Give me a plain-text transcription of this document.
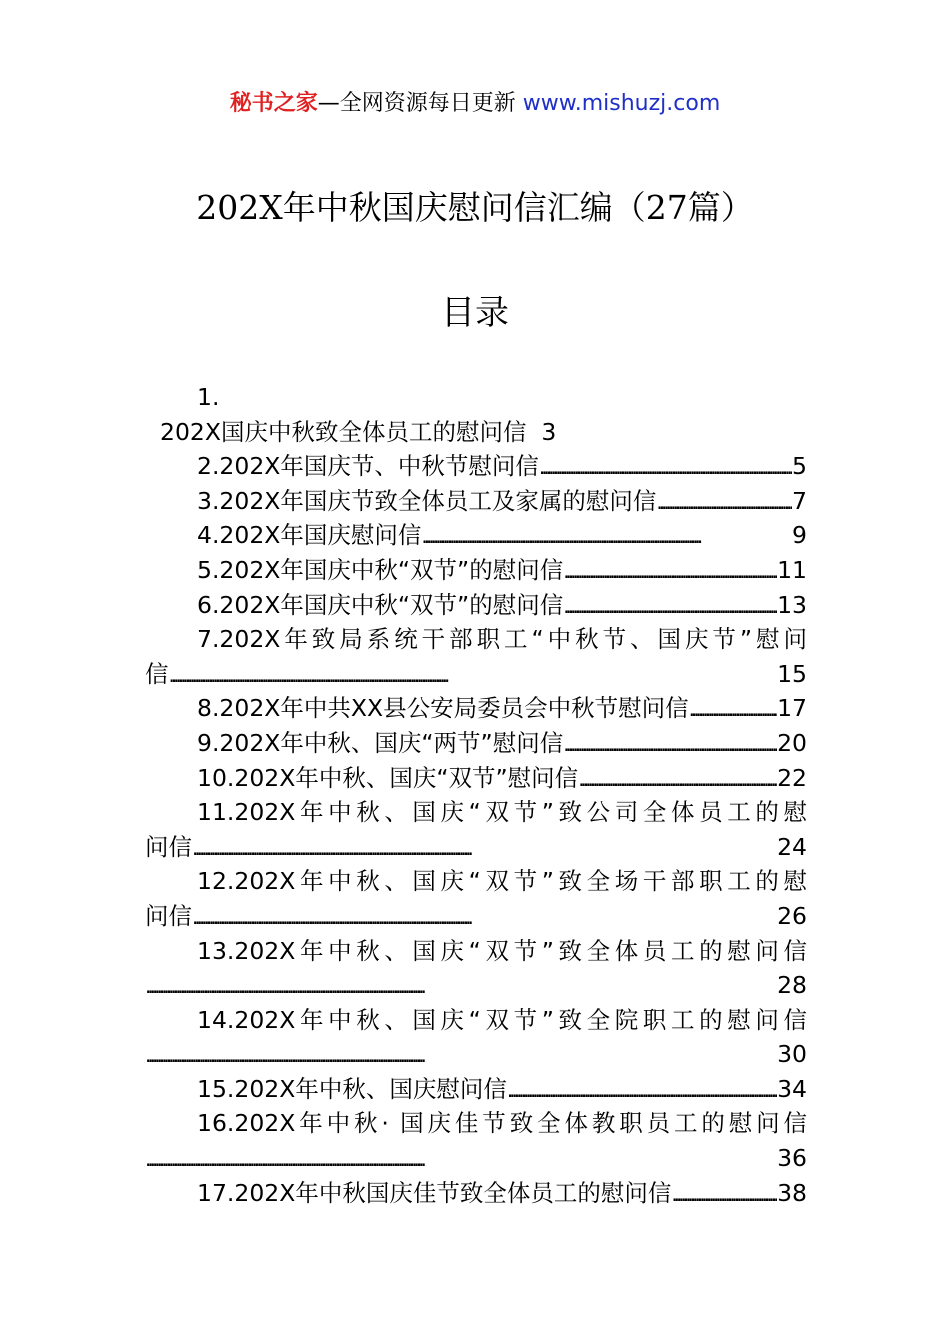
秘书之家—全网资源每日更新 www.mishuzj.com
202X年中秋国庆慰问信汇编（27篇）
目录
1.
202X国庆中秋致全体员工的慰问信 3
2.202X年国庆节、中秋节慰问信 . . .	5
3.202X年国庆节致全体员工及家属的慰问信 . . .	7
4.202X年国庆慰问信 . . .	9
5.202X年国庆中秋“双节”的慰问信 . . .	11
6.202X年国庆中秋“双节”的慰问信 . . .	13
7.202X年致局系统干部职工“中秋节、国庆节”慰问
信 . . .	15
8.202X年中共XX县公安局委员会中秋节慰问信 . . .	17
9.202X年中秋、国庆“两节”慰问信 . . .	20
10.202X年中秋、国庆“双节”慰问信 . . .	22
11.202X年中秋、国庆“双节”致公司全体员工的慰
问信 . . .	24
12.202X年中秋、国庆“双节”致全场干部职工的慰
问信 . . .	26
13.202X年中秋、国庆“双节”致全体员工的慰问信
. . .
28
14.202X年中秋、国庆“双节”致全院职工的慰问信
. . .
30
15.202X年中秋、国庆慰问信 . . .	34
16.202X年中秋· 国庆佳节致全体教职员工的慰问信
. . .
36
17.202X年中秋国庆佳节致全体员工的慰问信 . . .	38
